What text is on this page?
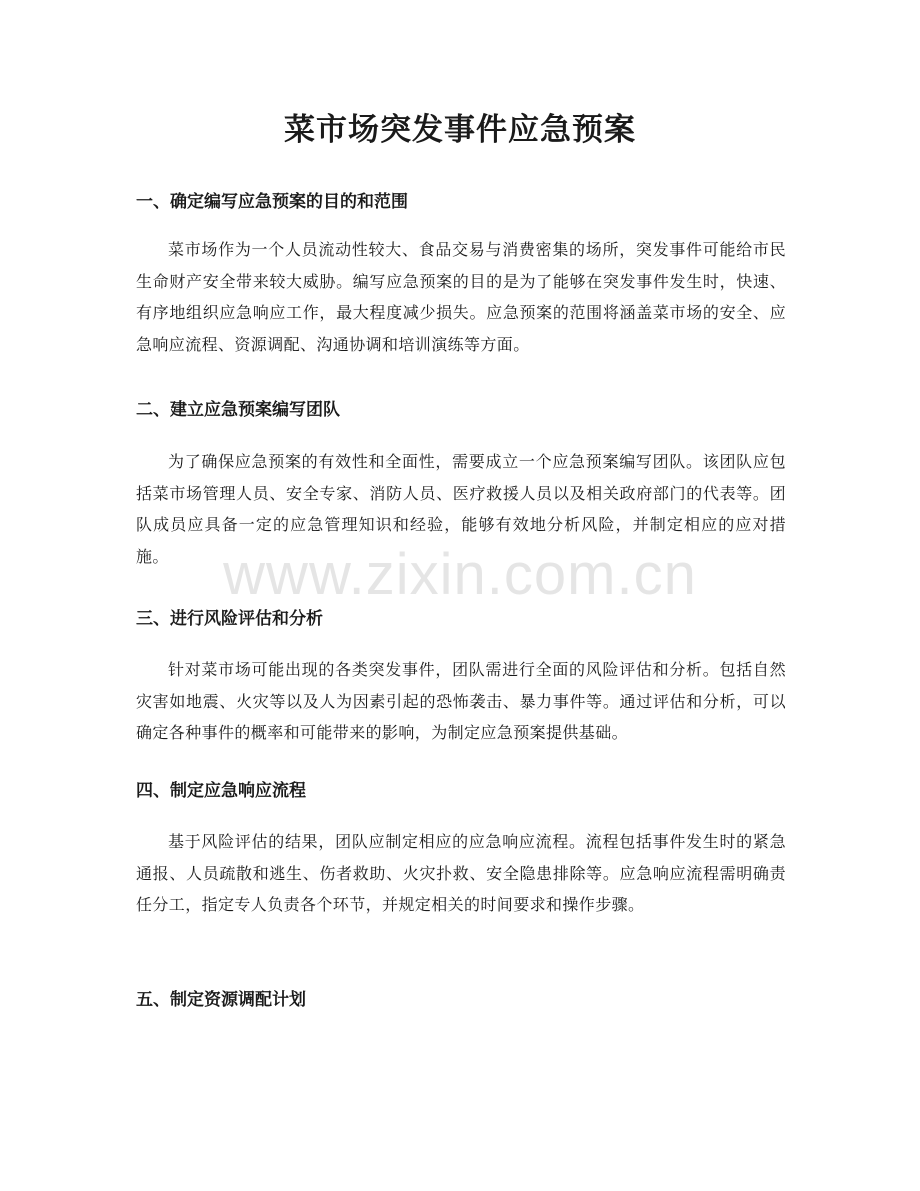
菜市场突发事件应急预案
www.zixin.com.cn
一、确定编写应急预案的目的和范围

菜市场作为一个人员流动性较大、食品交易与消费密集的场所，突发事件可能给市民生命财产安全带来较大威胁。编写应急预案的目的是为了能够在突发事件发生时，快速、有序地组织应急响应工作，最大程度减少损失。应急预案的范围将涵盖菜市场的安全、应急响应流程、资源调配、沟通协调和培训演练等方面。

二、建立应急预案编写团队

为了确保应急预案的有效性和全面性，需要成立一个应急预案编写团队。该团队应包括菜市场管理人员、安全专家、消防人员、医疗救援人员以及相关政府部门的代表等。团队成员应具备一定的应急管理知识和经验，能够有效地分析风险，并制定相应的应对措施。

三、进行风险评估和分析

针对菜市场可能出现的各类突发事件，团队需进行全面的风险评估和分析。包括自然灾害如地震、火灾等以及人为因素引起的恐怖袭击、暴力事件等。通过评估和分析，可以确定各种事件的概率和可能带来的影响，为制定应急预案提供基础。

四、制定应急响应流程

基于风险评估的结果，团队应制定相应的应急响应流程。流程包括事件发生时的紧急通报、人员疏散和逃生、伤者救助、火灾扑救、安全隐患排除等。应急响应流程需明确责任分工，指定专人负责各个环节，并规定相关的时间要求和操作步骤。

五、制定资源调配计划
